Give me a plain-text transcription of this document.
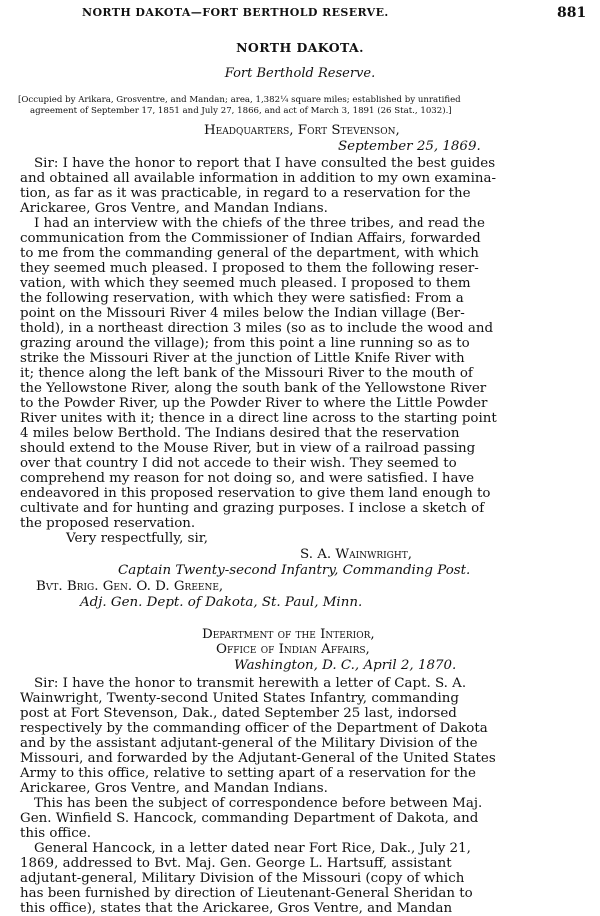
NORTH DAKOTA—FORT BERTHOLD RESERVE.	881
NORTH DAKOTA.
Fort Berthold Reserve.
[Occupied by Arikara, Grosventre, and Mandan; area, 1,382¼ square miles; established by unratified
agreement of September 17, 1851 and July 27, 1866, and act of March 3, 1891 (26 Stat., 1032).]
Headquarters, Fort Stevenson,
September 25, 1869.
Sir: I have the honor to report that I have consulted the best guides
and obtained all available information in addition to my own examina-
tion, as far as it was practicable, in regard to a reservation for the
Arickaree, Gros Ventre, and Mandan Indians.
I had an interview with the chiefs of the three tribes, and read the
communication from the Commissioner of Indian Affairs, forwarded
to me from the commanding general of the department, with which
they seemed much pleased. I proposed to them the following reser-
vation, with which they seemed much pleased. I proposed to them
the following reservation, with which they were satisfied: From a
point on the Missouri River 4 miles below the Indian village (Ber-
thold), in a northeast direction 3 miles (so as to include the wood and
grazing around the village); from this point a line running so as to
strike the Missouri River at the junction of Little Knife River with
it; thence along the left bank of the Missouri River to the mouth of
the Yellowstone River, along the south bank of the Yellowstone River
to the Powder River, up the Powder River to where the Little Powder
River unites with it; thence in a direct line across to the starting point
4 miles below Berthold. The Indians desired that the reservation
should extend to the Mouse River, but in view of a railroad passing
over that country I did not accede to their wish. They seemed to
comprehend my reason for not doing so, and were satisfied. I have
endeavored in this proposed reservation to give them land enough to
cultivate and for hunting and grazing purposes. I inclose a sketch of
the proposed reservation.
Very respectfully, sir,
S. A. Wainwright,
Captain Twenty-second Infantry, Commanding Post.
Bvt. Brig. Gen. O. D. Greene,
Adj. Gen. Dept. of Dakota, St. Paul, Minn.
Department of the Interior,
Office of Indian Affairs,
Washington, D. C., April 2, 1870.
Sir: I have the honor to transmit herewith a letter of Capt. S. A.
Wainwright, Twenty-second United States Infantry, commanding
post at Fort Stevenson, Dak., dated September 25 last, indorsed
respectively by the commanding officer of the Department of Dakota
and by the assistant adjutant-general of the Military Division of the
Missouri, and forwarded by the Adjutant-General of the United States
Army to this office, relative to setting apart of a reservation for the
Arickaree, Gros Ventre, and Mandan Indians.
This has been the subject of correspondence before between Maj.
Gen. Winfield S. Hancock, commanding Department of Dakota, and
this office.
General Hancock, in a letter dated near Fort Rice, Dak., July 21,
1869, addressed to Bvt. Maj. Gen. George L. Hartsuff, assistant
adjutant-general, Military Division of the Missouri (copy of which
has been furnished by direction of Lieutenant-General Sheridan to
this office), states that the Arickaree, Gros Ventre, and Mandan
